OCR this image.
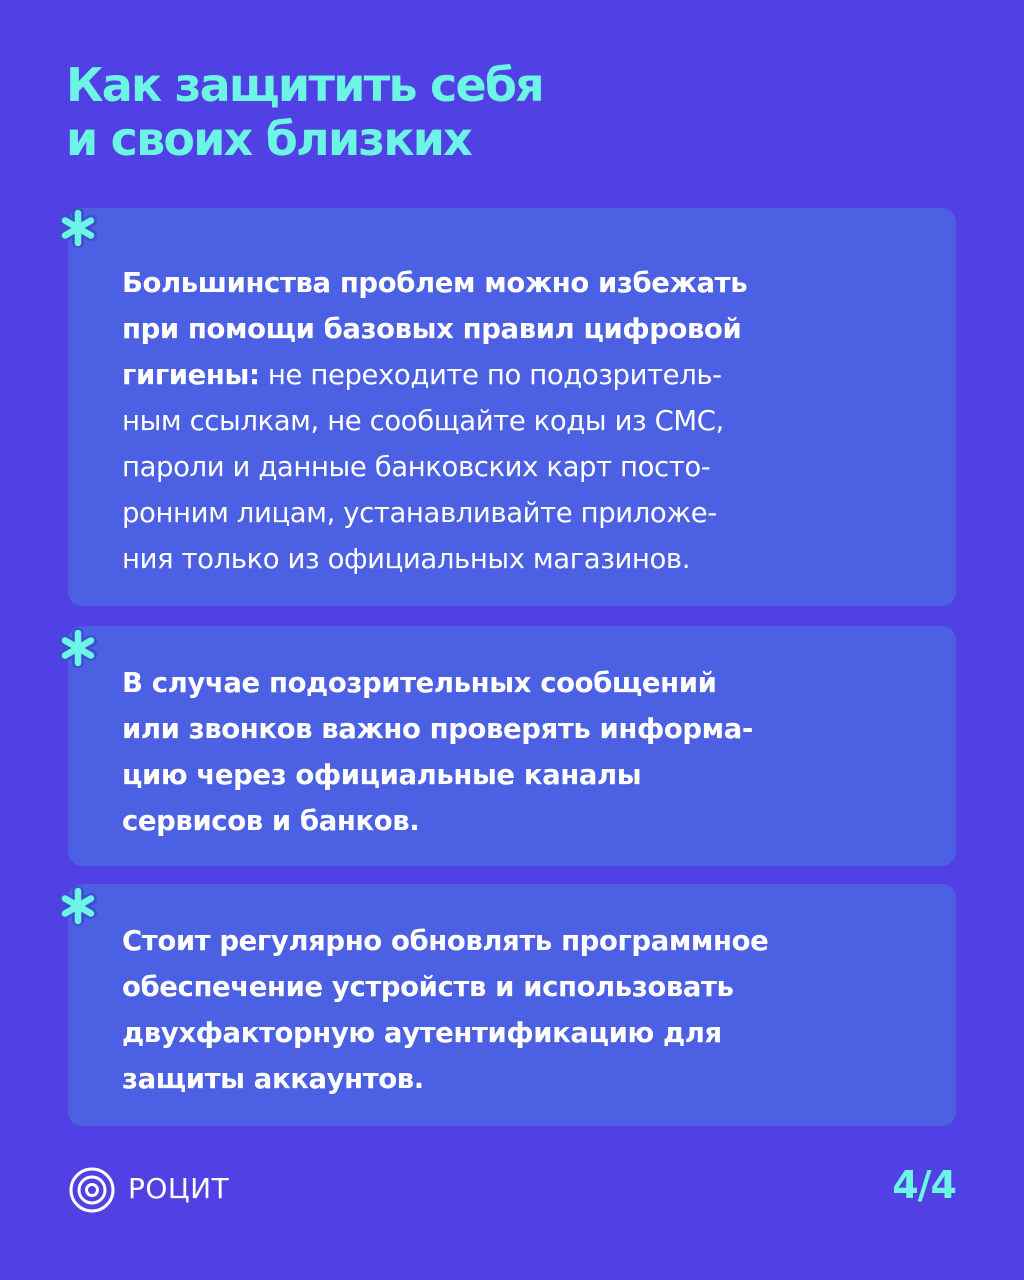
Как защитить себя
и своих близких

Большинства проблем можно избежать
при помощи базовых правил цифровой
гигиены: не переходите по подозритель-
ным ссылкам, не сообщайте коды из СМС,
пароли и данные банковских карт посто-
ронним лицам, устанавливайте приложе-
ния только из официальных магазинов.

В случае подозрительных сообщений
или звонков важно проверять информа-
цию через официальные каналы
сервисов и банков.

Стоит регулярно обновлять программное
обеспечение устройств и использовать
двухфакторную аутентификацию для
защиты аккаунтов.

РОЦИТ	4/4
